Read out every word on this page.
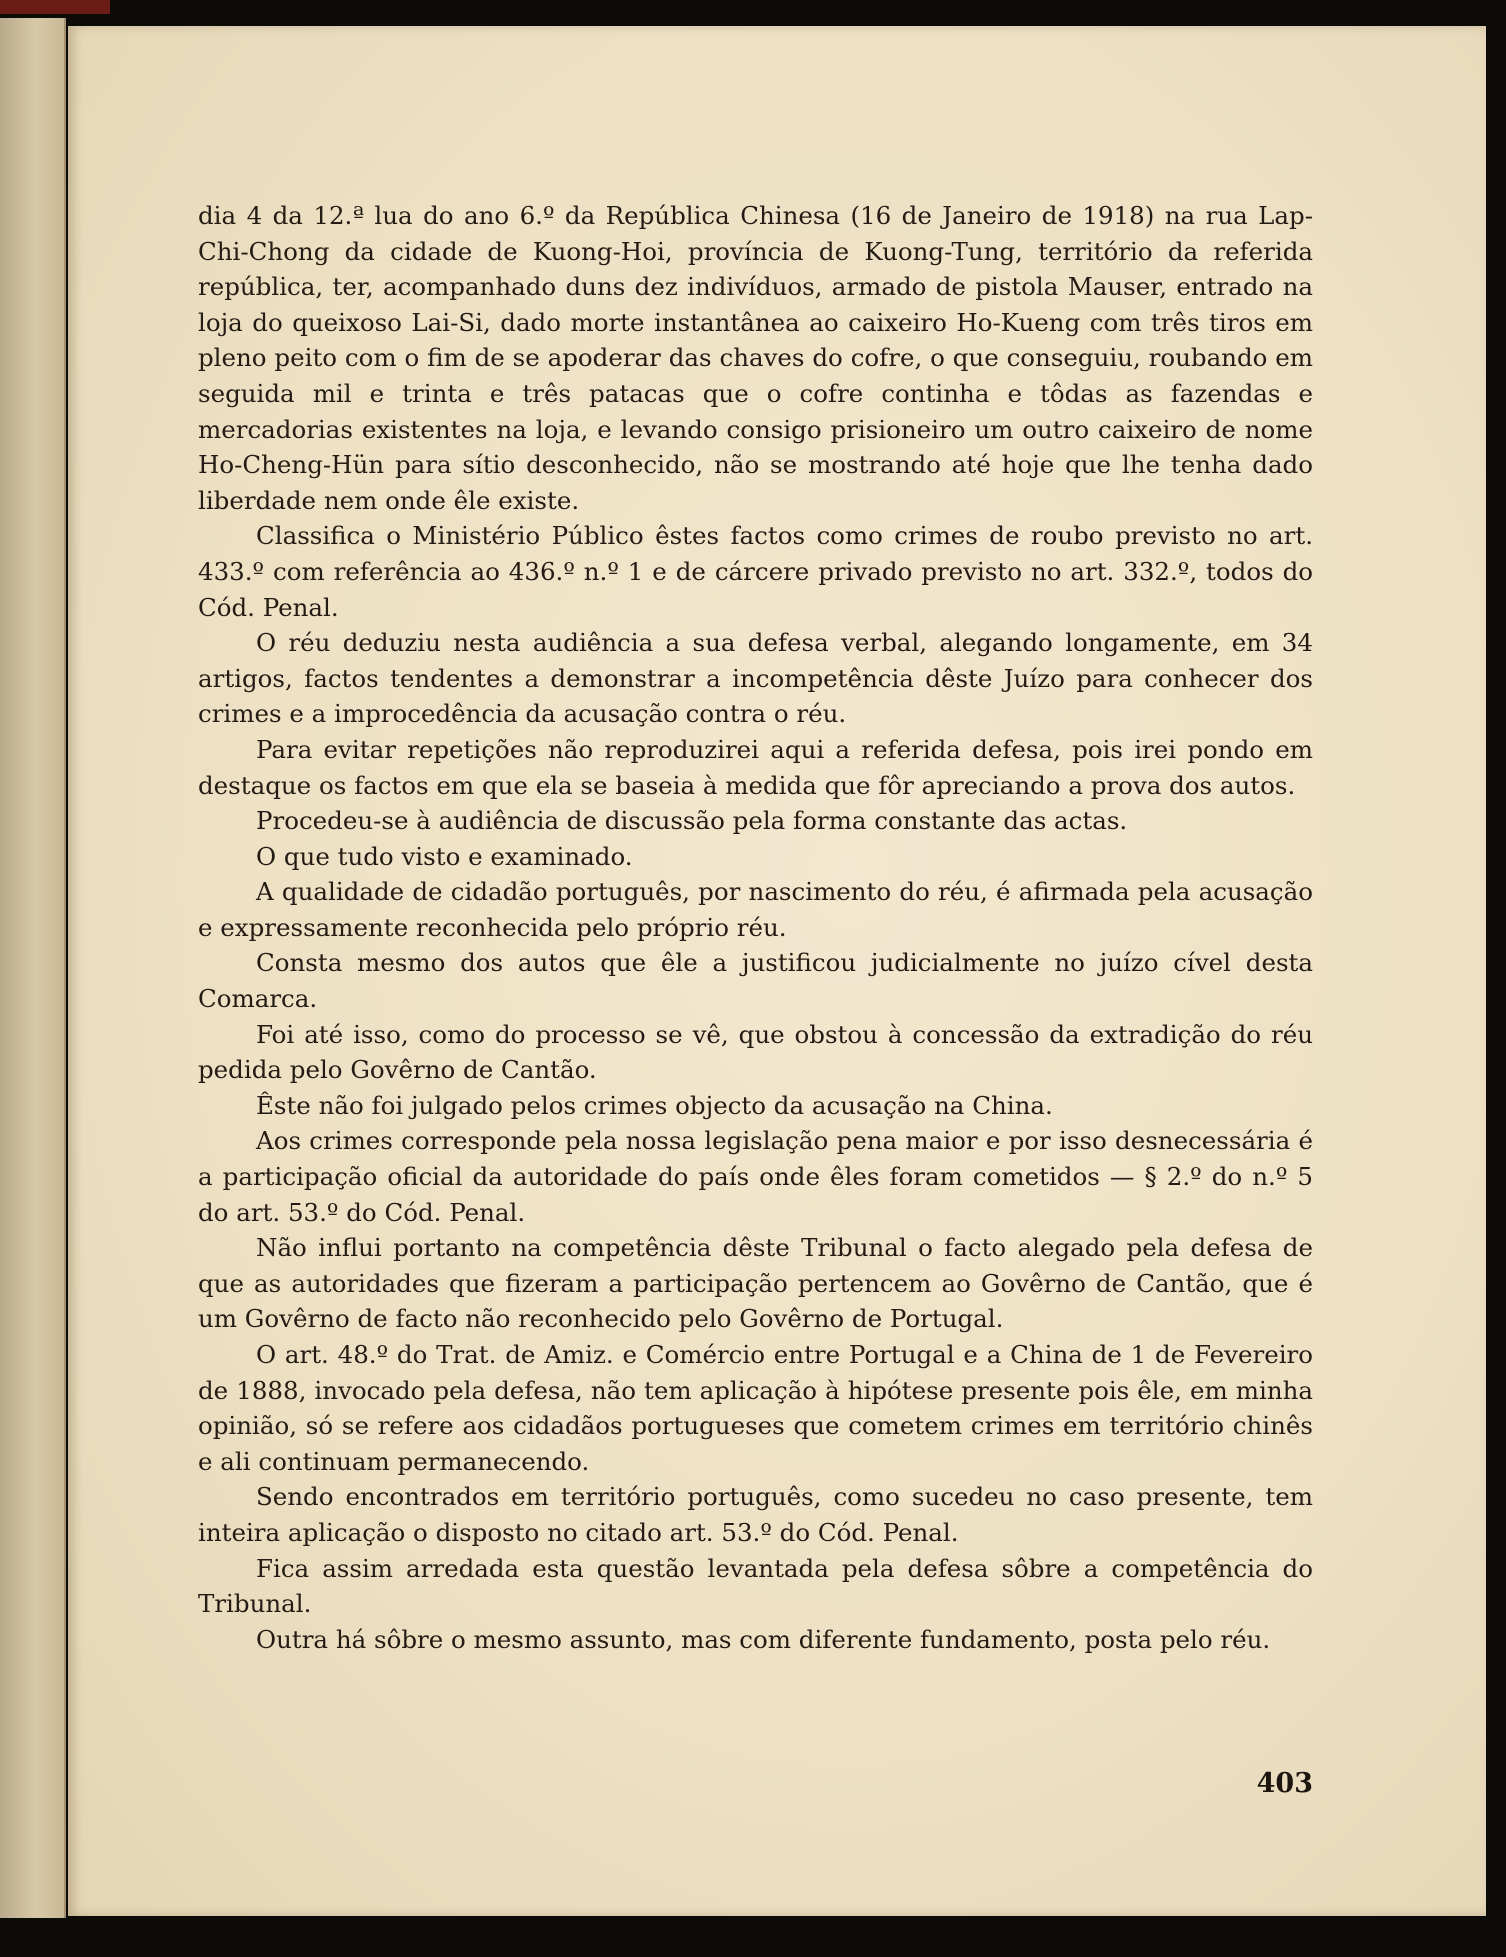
dia 4 da 12.ª lua do ano 6.º da República Chinesa (16 de Janeiro de 1918) na rua Lap-Chi-Chong da cidade de Kuong-Hoi, província de Kuong-Tung, território da referida república, ter, acompanhado duns dez indivíduos, armado de pistola Mauser, entrado na loja do queixoso Lai-Si, dado morte instantânea ao caixeiro Ho-Kueng com três tiros em pleno peito com o fim de se apoderar das chaves do cofre, o que conseguiu, roubando em seguida mil e trinta e três patacas que o cofre continha e tôdas as fazendas e mercadorias existentes na loja, e levando consigo prisioneiro um outro caixeiro de nome Ho-Cheng-Hün para sítio desconhecido, não se mostrando até hoje que lhe tenha dado liberdade nem onde êle existe.

Classifica o Ministério Público êstes factos como crimes de roubo previsto no art. 433.º com referência ao 436.º n.º 1 e de cárcere privado previsto no art. 332.º, todos do Cód. Penal.

O réu deduziu nesta audiência a sua defesa verbal, alegando longamente, em 34 artigos, factos tendentes a demonstrar a incompetência dêste Juízo para conhecer dos crimes e a improcedência da acusação contra o réu.

Para evitar repetições não reproduzirei aqui a referida defesa, pois irei pondo em destaque os factos em que ela se baseia à medida que fôr apreciando a prova dos autos.

Procedeu-se à audiência de discussão pela forma constante das actas.

O que tudo visto e examinado.

A qualidade de cidadão português, por nascimento do réu, é afirmada pela acusação e expressamente reconhecida pelo próprio réu.

Consta mesmo dos autos que êle a justificou judicialmente no juízo cível desta Comarca.

Foi até isso, como do processo se vê, que obstou à concessão da extradição do réu pedida pelo Govêrno de Cantão.

Êste não foi julgado pelos crimes objecto da acusação na China.

Aos crimes corresponde pela nossa legislação pena maior e por isso desnecessária é a participação oficial da autoridade do país onde êles foram cometidos — § 2.º do n.º 5 do art. 53.º do Cód. Penal.

Não influi portanto na competência dêste Tribunal o facto alegado pela defesa de que as autoridades que fizeram a participação pertencem ao Govêrno de Cantão, que é um Govêrno de facto não reconhecido pelo Govêrno de Portugal.

O art. 48.º do Trat. de Amiz. e Comércio entre Portugal e a China de 1 de Fevereiro de 1888, invocado pela defesa, não tem aplicação à hipótese presente pois êle, em minha opinião, só se refere aos cidadãos portugueses que cometem crimes em território chinês e ali continuam permanecendo.

Sendo encontrados em território português, como sucedeu no caso presente, tem inteira aplicação o disposto no citado art. 53.º do Cód. Penal.

Fica assim arredada esta questão levantada pela defesa sôbre a competência do Tribunal.

Outra há sôbre o mesmo assunto, mas com diferente fundamento, posta pelo réu.

403
